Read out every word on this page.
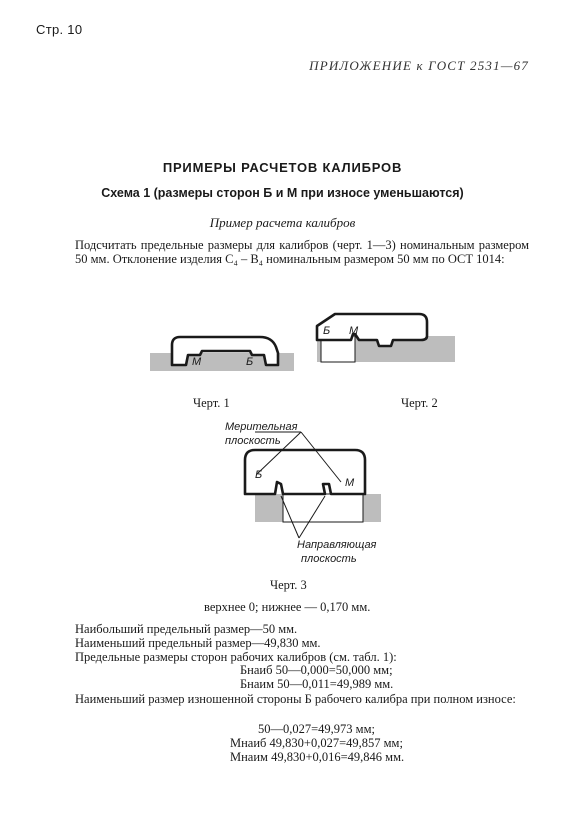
Стр. 10
ПРИЛОЖЕНИЕ к ГОСТ 2531—67
ПРИМЕРЫ РАСЧЕТОВ КАЛИБРОВ
Схема 1 (размеры сторон Б и М при износе уменьшаются)
Пример расчета калибров
Подсчитать предельные размеры для калибров (черт. 1—3) номинальным размером 50 мм. Отклонение изделия С₄ – В₄ номинальным размером 50 мм по ОСТ 1014:
М	Б
Б М
Черт. 1	Черт. 2
Б
М
Мерительная
плоскость
Направляющая
плоскость
Черт. 3
верхнее 0; нижнее — 0,170 мм.
Наибольший предельный размер—50 мм.
Наименьший предельный размер—49,830 мм.
Предельные размеры сторон рабочих калибров (см. табл. 1):
Бнаиб 50—0,000=50,000 мм;
Бнаим 50—0,011=49,989 мм.
Наименьший размер изношенной стороны Б рабочего калибра при полном износе:
50—0,027=49,973 мм;
Мнаиб 49,830+0,027=49,857 мм;
Мнаим 49,830+0,016=49,846 мм.
